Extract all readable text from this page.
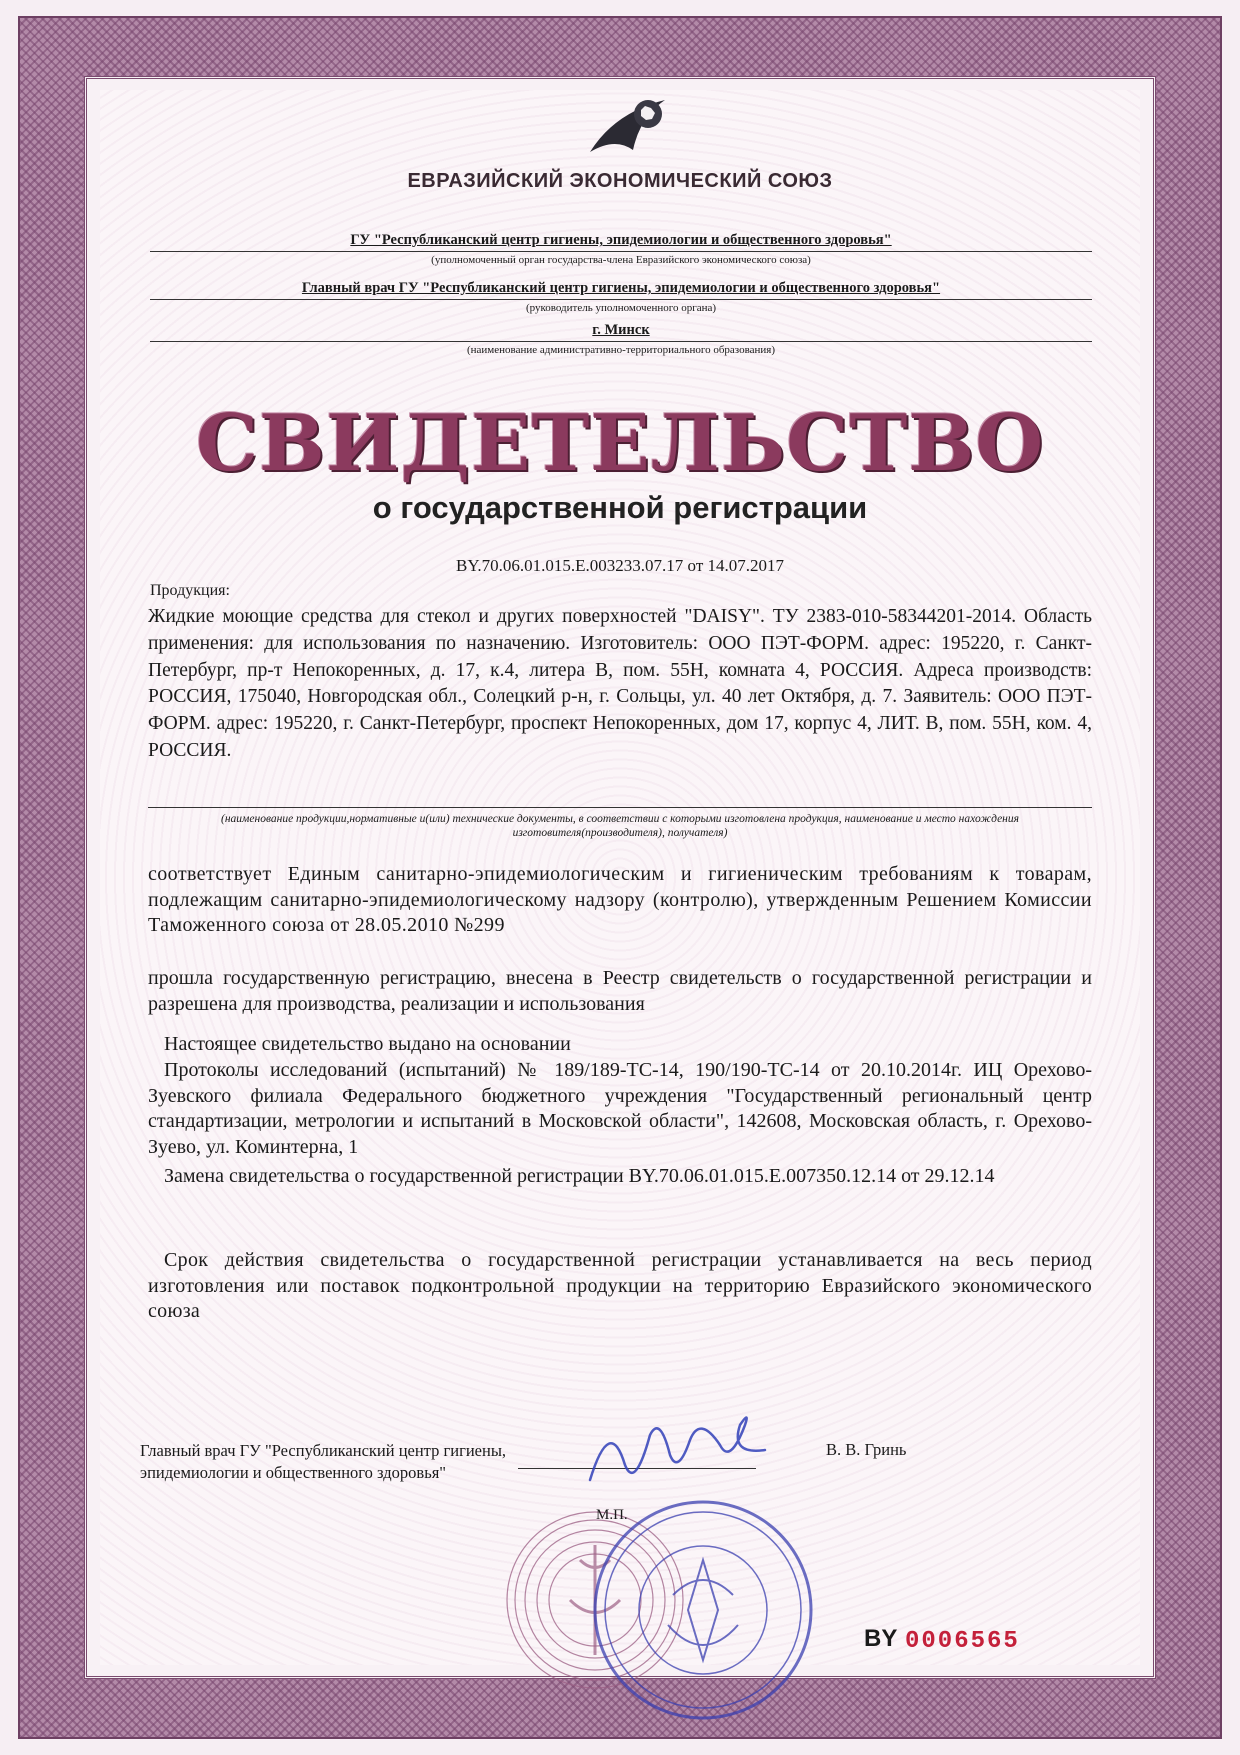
ЕВРАЗИЙСКИЙ ЭКОНОМИЧЕСКИЙ СОЮЗ
ГУ "Республиканский центр гигиены, эпидемиологии и общественного здоровья"
(уполномоченный орган государства-члена Евразийского экономического союза)
Главный врач ГУ "Республиканский центр гигиены, эпидемиологии и общественного здоровья"
(руководитель уполномоченного органа)
г. Минск
(наименование административно-территориального образования)
СВИДЕТЕЛЬСТВО
о государственной регистрации
BY.70.06.01.015.E.003233.07.17 от 14.07.2017
Продукция:
Жидкие моющие средства для стекол и других поверхностей "DAISY". ТУ 2383-010-58344201-2014. Область применения: для использования по назначению. Изготовитель: ООО ПЭТ-ФОРМ. адрес: 195220, г. Санкт-Петербург, пр-т Непокоренных, д. 17, к.4, литера В, пом. 55Н, комната 4, РОССИЯ. Адреса производств: РОССИЯ, 175040, Новгородская обл., Солецкий р-н, г. Сольцы, ул. 40 лет Октября, д. 7. Заявитель: ООО ПЭТ-ФОРМ. адрес: 195220, г. Санкт-Петербург, проспект Непокоренных, дом 17, корпус 4, ЛИТ. В, пом. 55Н, ком. 4, РОССИЯ.
(наименование продукции,нормативные и(или) технические документы, в соответствии с которыми изготовлена продукция, наименование и место нахождения изготовителя(производителя), получателя)
соответствует Единым санитарно-эпидемиологическим и гигиеническим требованиям к товарам, подлежащим санитарно-эпидемиологическому надзору (контролю), утвержденным Решением Комиссии Таможенного союза от 28.05.2010 №299
прошла государственную регистрацию, внесена в Реестр свидетельств о государственной регистрации и разрешена для производства, реализации и использования
Настоящее свидетельство выдано на основании
Протоколы исследований (испытаний) № 189/189-ТС-14, 190/190-ТС-14 от 20.10.2014г. ИЦ Орехово-Зуевского филиала Федерального бюджетного учреждения "Государственный региональный центр стандартизации, метрологии и испытаний в Московской области", 142608, Московская область, г. Орехово-Зуево, ул. Коминтерна, 1
Замена свидетельства о государственной регистрации BY.70.06.01.015.E.007350.12.14 от 29.12.14
Срок действия свидетельства о государственной регистрации устанавливается на весь период изготовления или поставок подконтрольной продукции на территорию Евразийского экономического союза
Главный врач ГУ "Республиканский центр гигиены, эпидемиологии и общественного здоровья"
В. В. Гринь
М.П.
BY 0006565
